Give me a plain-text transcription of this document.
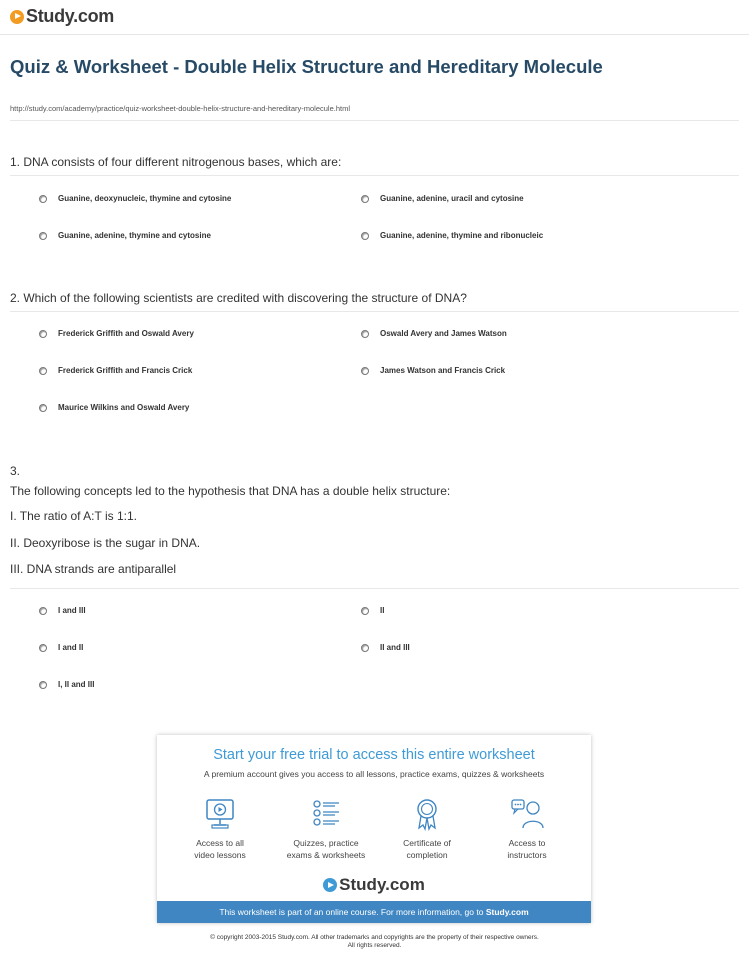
Study.com
Quiz & Worksheet - Double Helix Structure and Hereditary Molecule
http://study.com/academy/practice/quiz-worksheet-double-helix-structure-and-hereditary-molecule.html
1. DNA consists of four different nitrogenous bases, which are:
Guanine, deoxynucleic, thymine and cytosine	Guanine, adenine, uracil and cytosine
Guanine, adenine, thymine and cytosine	Guanine, adenine, thymine and ribonucleic
2. Which of the following scientists are credited with discovering the structure of DNA?
Frederick Griffith and Oswald Avery	Oswald Avery and James Watson
Frederick Griffith and Francis Crick	James Watson and Francis Crick
Maurice Wilkins and Oswald Avery
3.
The following concepts led to the hypothesis that DNA has a double helix structure:
I. The ratio of A:T is 1:1.
II. Deoxyribose is the sugar in DNA.
III. DNA strands are antiparallel
I and III	II
I and II	II and III
I, II and III
Start your free trial to access this entire worksheet
A premium account gives you access to all lessons, practice exams, quizzes & worksheets
Access to all
video lessons
Quizzes, practice
exams & worksheets
Certificate of
completion
Access to
instructors
Study.com
This worksheet is part of an online course. For more information, go to Study.com
© copyright 2003-2015 Study.com. All other trademarks and copyrights are the property of their respective owners.
All rights reserved.
